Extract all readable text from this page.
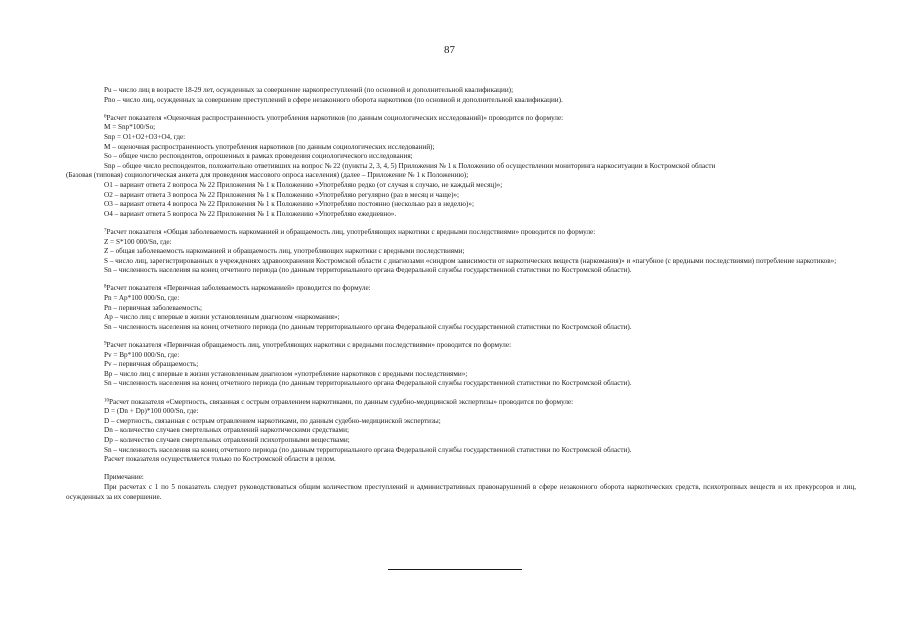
87
Рu – число лиц в возрасте 18-29 лет, осужденных за совершение наркопреступлений (по основной и дополнительной квалификации);
Рno – число лиц, осужденных за совершение преступлений в сфере незаконного оборота наркотиков (по основной и дополнительной квалификации).
$^6$Расчет показателя «Оценочная распространенность употребления наркотиков (по данным социологических исследований)» проводится по формуле:
M = Snp*100/So;
Snp = O1+O2+O3+O4, где:
M – оценочная распространенность употребления наркотиков (по данным социологических исследований);
So – общее число респондентов, опрошенных в рамках проведения социологического исследования;
Snp – общее число респондентов, положительно ответивших на вопрос № 22 (пункты 2, 3, 4, 5) Приложения № 1 к Положению об осуществлении мониторинга наркоситуации в Костромской области
(Базовая (типовая) социологическая анкета для проведения массового опроса населения) (далее – Приложение № 1 к Положению);
O1 – вариант ответа 2 вопроса № 22 Приложения № 1 к Положению «Употребляю редко (от случая к случаю, не каждый месяц)»;
O2 – вариант ответа 3 вопроса № 22 Приложения № 1 к Положению «Употребляю регулярно (раз в месяц и чаще)»;
O3 – вариант ответа 4 вопроса № 22 Приложения № 1 к Положению «Употребляю постоянно (несколько раз в неделю)»;
O4 – вариант ответа 5 вопроса № 22 Приложения № 1 к Положению «Употребляю ежедневно».
$^7$Расчет показателя «Общая заболеваемость наркоманией и обращаемость лиц, употребляющих наркотики с вредными последствиями» проводится по формуле:
Z = S*100 000/Sn, где:
Z – общая заболеваемость наркоманией и обращаемость лиц, употребляющих наркотики с вредными последствиями;
S – число лиц, зарегистрированных в учреждениях здравоохранения Костромской области с диагнозами «синдром зависимости от наркотических веществ (наркомания)» и «пагубное (с вредными последствиями) потребление наркотиков»;
Sn – численность населения на конец отчетного периода (по данным территориального органа Федеральной службы государственной статистики по Костромской области).
$^8$Расчет показателя «Первичная заболеваемость наркоманией» проводится по формуле:
Pn = Ap*100 000/Sn, где:
Pn – первичная заболеваемость;
Ap – число лиц с впервые в жизни установленным диагнозом «наркомания»;
Sn – численность населения на конец отчетного периода (по данным территориального органа Федеральной службы государственной статистики по Костромской области).
$^9$Расчет показателя «Первичная обращаемость лиц, употребляющих наркотики с вредными последствиями» проводится по формуле:
Pv = Bp*100 000/Sn, где:
Pv – первичная обращаемость;
Bp – число лиц с впервые в жизни установленным диагнозом «употребление наркотиков с вредными последствиями»;
Sn – численность населения на конец отчетного периода (по данным территориального органа Федеральной службы государственной статистики по Костромской области).
$^{10}$Расчет показателя «Смертность, связанная с острым отравлением наркотиками, по данным судебно-медицинской экспертизы» проводится по формуле:
D = (Dn + Dp)*100 000/Sn, где:
D – смертность, связанная с острым отравлением наркотиками, по данным судебно-медицинской экспертизы;
Dn – количество случаев смертельных отравлений наркотическими средствами;
Dp – количество случаев смертельных отравлений психотропными веществами;
Sn – численность населения на конец отчетного периода (по данным территориального органа Федеральной службы государственной статистики по Костромской области).
Расчет показателя осуществляется только по Костромской области в целом.
Примечание:
При расчетах с 1 по 5 показатель следует руководствоваться общим количеством преступлений и административных правонарушений в сфере незаконного оборота наркотических средств, психотропных веществ и их прекурсоров и лиц, осужденных за их совершение.
